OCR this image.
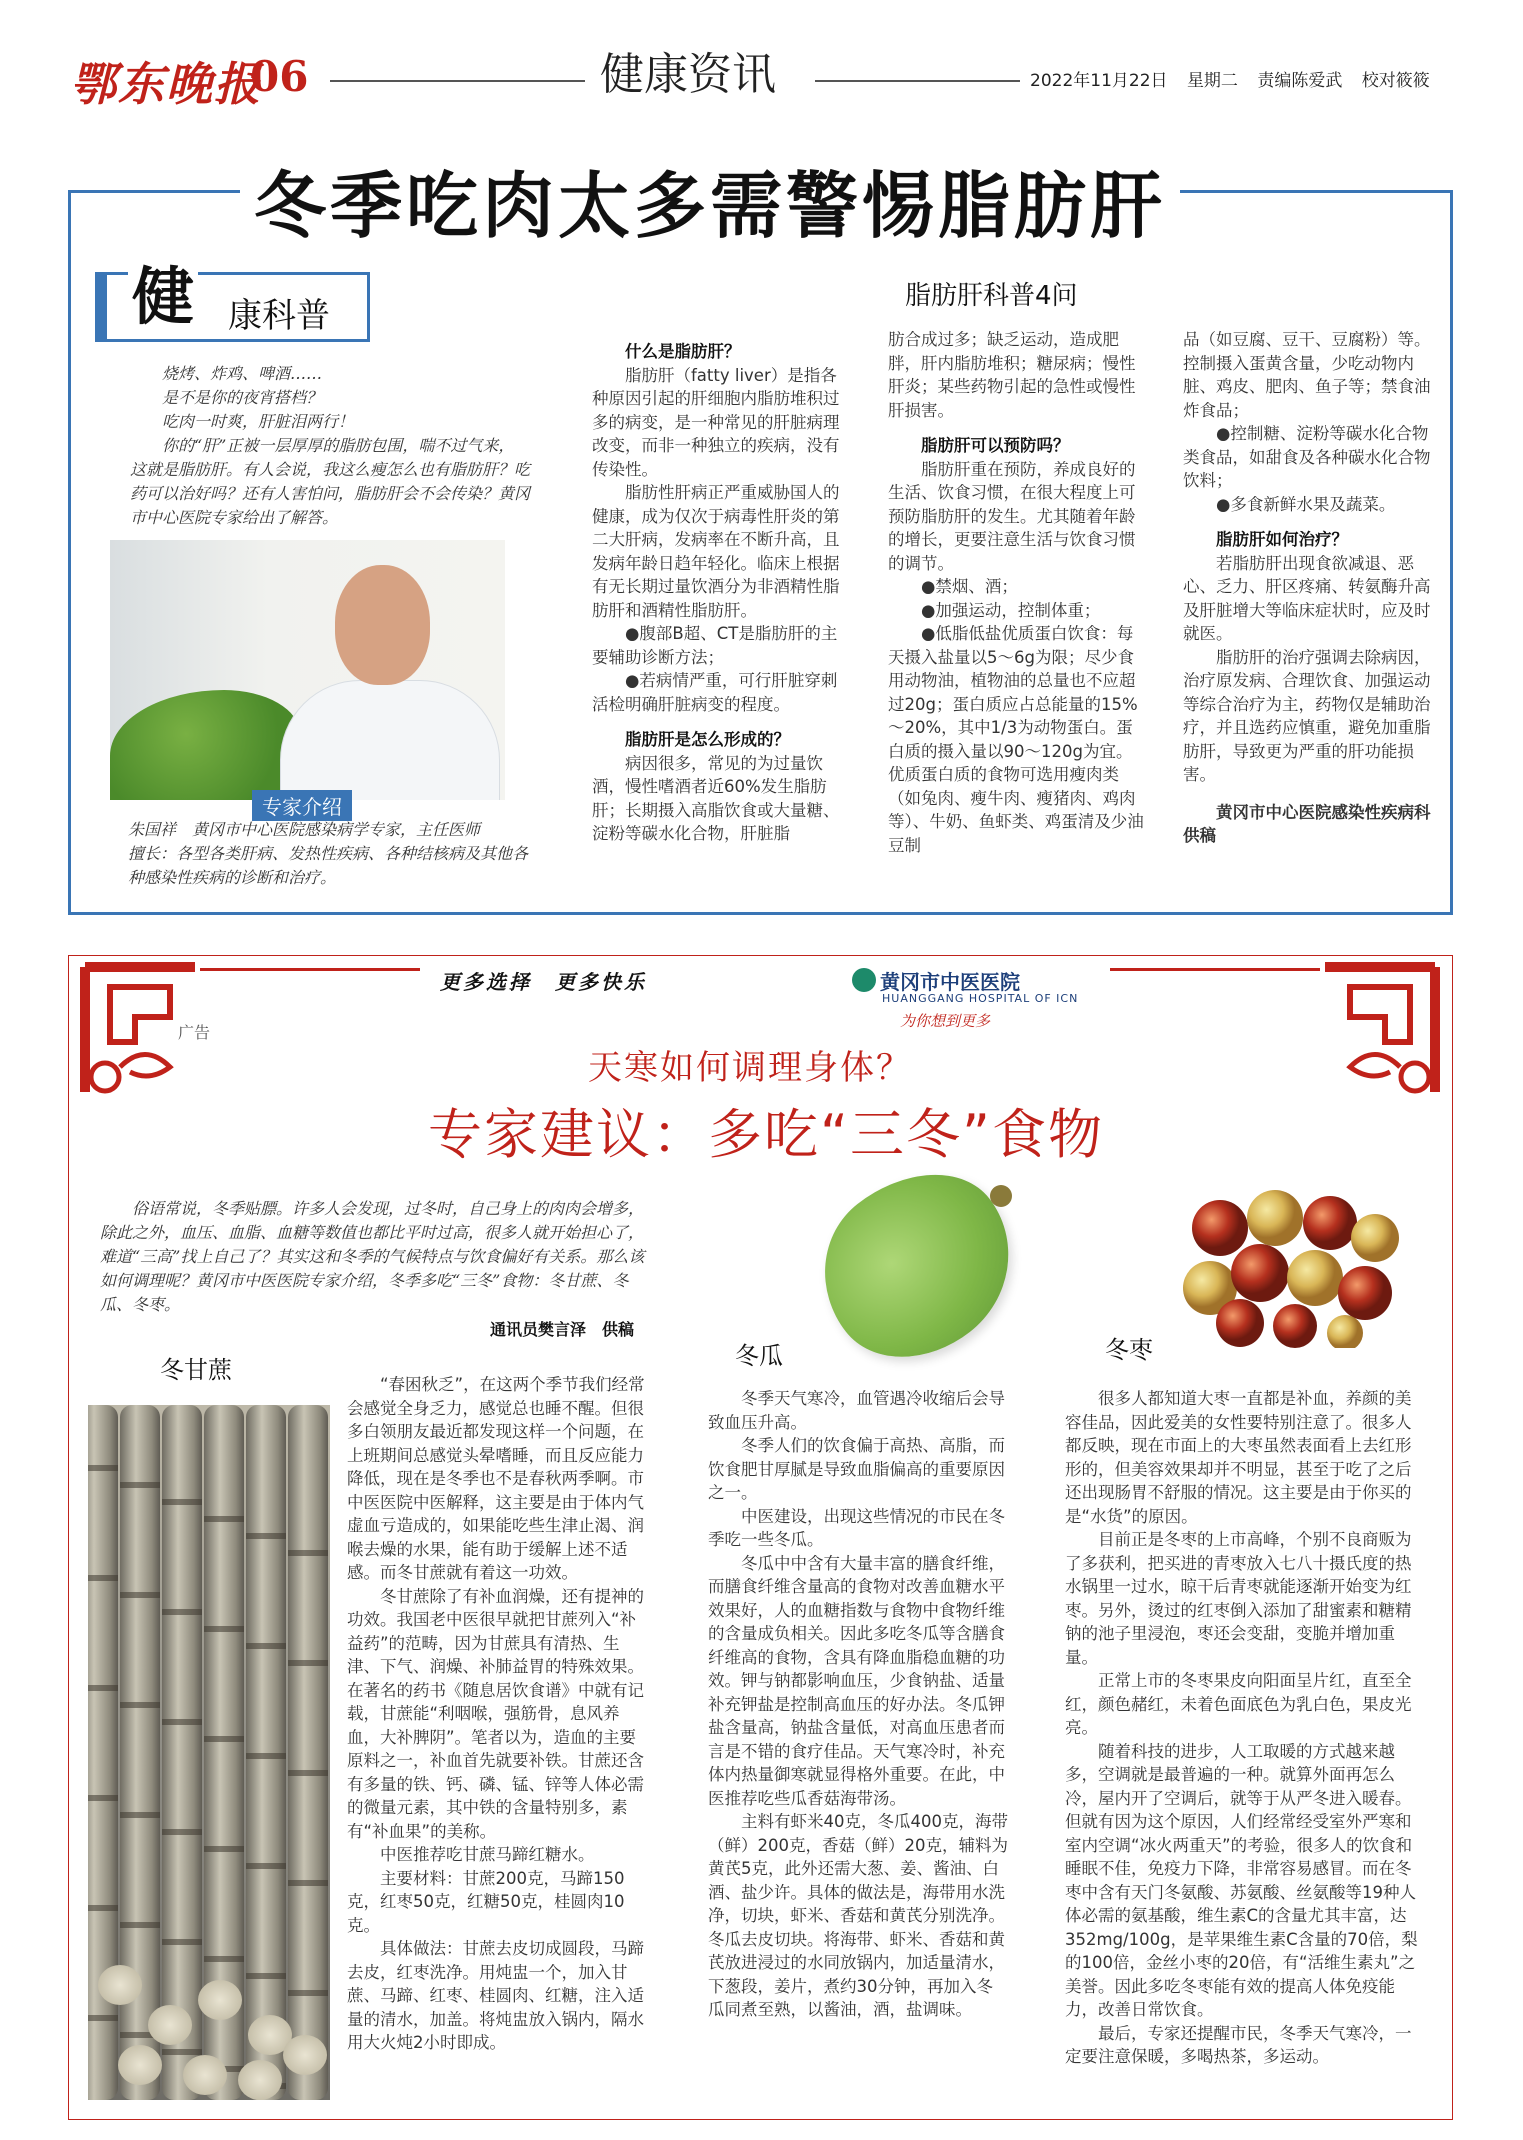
鄂东晚报
06	健康资讯	2022年11月22日 星期二 责编陈爱武 校对筱筱
冬季吃肉太多需警惕脂肪肝
健 康科普	脂肪肝科普4问
烧烤、炸鸡、啤酒……
是不是你的夜宵搭档？
吃肉一时爽，肝脏泪两行！

你的“肝”正被一层厚厚的脂肪包围，喘不过气来，这就是脂肪肝。有人会说，我这么瘦怎么也有脂肪肝？吃药可以治好吗？还有人害怕问，脂肪肝会不会传染？黄冈市中心医院专家给出了解答。

专家介绍
朱国祥　黄冈市中心医院感染病学专家，主任医师
擅长：各型各类肝病、发热性疾病、各种结核病及其他各种感染性疾病的诊断和治疗。
什么是脂肪肝？

脂肪肝（fatty liver）是指各种原因引起的肝细胞内脂肪堆积过多的病变，是一种常见的肝脏病理改变，而非一种独立的疾病，没有传染性。

脂肪性肝病正严重威胁国人的健康，成为仅次于病毒性肝炎的第二大肝病，发病率在不断升高，且发病年龄日趋年轻化。临床上根据有无长期过量饮酒分为非酒精性脂肪肝和酒精性脂肪肝。

●腹部B超、CT是脂肪肝的主要辅助诊断方法；

●若病情严重，可行肝脏穿刺活检明确肝脏病变的程度。

脂肪肝是怎么形成的？

病因很多，常见的为过量饮酒，慢性嗜酒者近60%发生脂肪肝；长期摄入高脂饮食或大量糖、淀粉等碳水化合物，肝脏脂

肪合成过多；缺乏运动，造成肥胖，肝内脂肪堆积；糖尿病；慢性肝炎；某些药物引起的急性或慢性肝损害。
脂肪肝可以预防吗？

脂肪肝重在预防，养成良好的生活、饮食习惯，在很大程度上可预防脂肪肝的发生。尤其随着年龄的增长，更要注意生活与饮食习惯的调节。

●禁烟、酒；

●加强运动，控制体重；

●低脂低盐优质蛋白饮食：每天摄入盐量以5～6g为限；尽少食用动物油，植物油的总量也不应超过20g；蛋白质应占总能量的15%～20%，其中1/3为动物蛋白。蛋白质的摄入量以90～120g为宜。优质蛋白质的食物可选用瘦肉类（如兔肉、瘦牛肉、瘦猪肉、鸡肉等）、牛奶、鱼虾类、鸡蛋清及少油豆制

品（如豆腐、豆干、豆腐粉）等。控制摄入蛋黄含量，少吃动物内脏、鸡皮、肥肉、鱼子等；禁食油炸食品；

●控制糖、淀粉等碳水化合物类食品，如甜食及各种碳水化合物饮料；

●多食新鲜水果及蔬菜。

脂肪肝如何治疗？

若脂肪肝出现食欲减退、恶心、乏力、肝区疼痛、转氨酶升高及肝脏增大等临床症状时，应及时就医。

脂肪肝的治疗强调去除病因，治疗原发病、合理饮食、加强运动等综合治疗为主，药物仅是辅助治疗，并且选药应慎重，避免加重脂肪肝，导致更为严重的肝功能损害。

黄冈市中心医院感染性疾病科　供稿
更多选择　更多快乐
广告
黄冈市中医医院
HUANGGANG HOSPITAL OF ICN
为你想到更多
天寒如何调理身体？
专家建议：多吃“三冬”食物

俗语常说，冬季贴膘。许多人会发现，过冬时，自己身上的肉肉会增多，除此之外，血压、血脂、血糖等数值也都比平时过高，很多人就开始担心了，难道“三高”找上自己了？其实这和冬季的气候特点与饮食偏好有关系。那么该如何调理呢？黄冈市中医医院专家介绍，冬季多吃“三冬”食物：冬甘蔗、冬瓜、冬枣。

通讯员樊言泽　供稿
冬甘蔗	冬瓜	冬枣

“春困秋乏”，在这两个季节我们经常会感觉全身乏力，感觉总也睡不醒。但很多白领朋友最近都发现这样一个问题，在上班期间总感觉头晕嗜睡，而且反应能力降低，现在是冬季也不是春秋两季啊。市中医医院中医解释，这主要是由于体内气虚血亏造成的，如果能吃些生津止渴、润喉去燥的水果，能有助于缓解上述不适感。而冬甘蔗就有着这一功效。

冬甘蔗除了有补血润燥，还有提神的功效。我国老中医很早就把甘蔗列入“补益药”的范畴，因为甘蔗具有清热、生津、下气、润燥、补肺益胃的特殊效果。在著名的药书《随息居饮食谱》中就有记载，甘蔗能“利咽喉，强筋骨，息风养血，大补脾阴”。笔者以为，造血的主要原料之一，补血首先就要补铁。甘蔗还含有多量的铁、钙、磷、锰、锌等人体必需的微量元素，其中铁的含量特别多，素有“补血果”的美称。

中医推荐吃甘蔗马蹄红糖水。

主要材料：甘蔗200克，马蹄150克，红枣50克，红糖50克，桂圆肉10克。

具体做法：甘蔗去皮切成圆段，马蹄去皮，红枣洗净。用炖盅一个，加入甘蔗、马蹄、红枣、桂圆肉、红糖，注入适量的清水，加盖。将炖盅放入锅内，隔水用大火炖2小时即成。

冬季天气寒冷，血管遇冷收缩后会导致血压升高。

冬季人们的饮食偏于高热、高脂，而饮食肥甘厚腻是导致血脂偏高的重要原因之一。

中医建设，出现这些情况的市民在冬季吃一些冬瓜。

冬瓜中中含有大量丰富的膳食纤维，而膳食纤维含量高的食物对改善血糖水平效果好，人的血糖指数与食物中食物纤维的含量成负相关。因此多吃冬瓜等含膳食纤维高的食物，含具有降血脂稳血糖的功效。钾与钠都影响血压，少食钠盐、适量补充钾盐是控制高血压的好办法。冬瓜钾盐含量高，钠盐含量低，对高血压患者而言是不错的食疗佳品。天气寒冷时，补充体内热量御寒就显得格外重要。在此，中医推荐吃些瓜香菇海带汤。

主料有虾米40克，冬瓜400克，海带（鲜）200克，香菇（鲜）20克，辅料为黄芪5克，此外还需大葱、姜、酱油、白酒、盐少许。具体的做法是，海带用水洗净，切块，虾米、香菇和黄芪分别洗净。冬瓜去皮切块。将海带、虾米、香菇和黄芪放进浸过的水同放锅内，加适量清水，下葱段，姜片，煮约30分钟，再加入冬瓜同煮至熟，以酱油，酒，盐调味。

很多人都知道大枣一直都是补血，养颜的美容佳品，因此爱美的女性要特别注意了。很多人都反映，现在市面上的大枣虽然表面看上去红形形的，但美容效果却并不明显，甚至于吃了之后还出现肠胃不舒服的情况。这主要是由于你买的是“水货”的原因。

目前正是冬枣的上市高峰，个别不良商贩为了多获利，把买进的青枣放入七八十摄氏度的热水锅里一过水，晾干后青枣就能逐渐开始变为红枣。另外，烫过的红枣倒入添加了甜蜜素和糖精钠的池子里浸泡，枣还会变甜，变脆并增加重量。

正常上市的冬枣果皮向阳面呈片红，直至全红，颜色赭红，未着色面底色为乳白色，果皮光亮。

随着科技的进步，人工取暖的方式越来越多，空调就是最普遍的一种。就算外面再怎么冷，屋内开了空调后，就等于从严冬进入暖春。但就有因为这个原因，人们经常经受室外严寒和室内空调“冰火两重天”的考验，很多人的饮食和睡眠不佳，免疫力下降，非常容易感冒。而在冬枣中含有天门冬氨酸、苏氨酸、丝氨酸等19种人体必需的氨基酸，维生素C的含量尤其丰富，达352mg/100g，是苹果维生素C含量的70倍，梨的100倍，金丝小枣的20倍，有“活维生素丸”之美誉。因此多吃冬枣能有效的提高人体免疫能力，改善日常饮食。

最后，专家还提醒市民，冬季天气寒冷，一定要注意保暖，多喝热茶，多运动。
